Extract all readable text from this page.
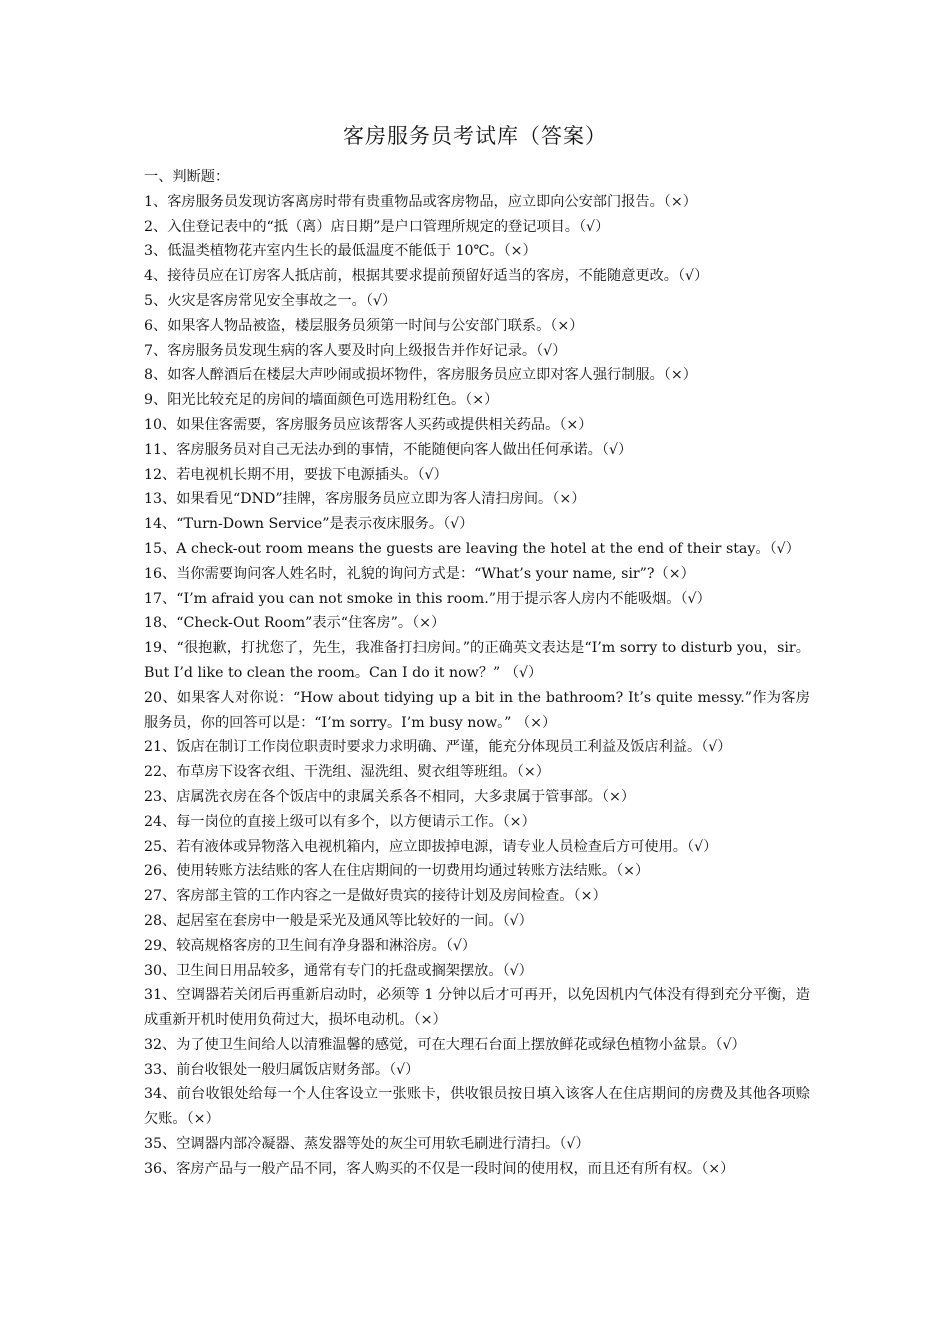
客房服务员考试库（答案）

一、判断题：

1、客房服务员发现访客离房时带有贵重物品或客房物品，应立即向公安部门报告。（×）

2、入住登记表中的“抵（离）店日期”是户口管理所规定的登记项目。（√）

3、低温类植物花卉室内生长的最低温度不能低于 10℃。（×）

4、接待员应在订房客人抵店前，根据其要求提前预留好适当的客房，不能随意更改。（√）

5、火灾是客房常见安全事故之一。（√）

6、如果客人物品被盗，楼层服务员须第一时间与公安部门联系。（×）

7、客房服务员发现生病的客人要及时向上级报告并作好记录。（√）

8、如客人醉酒后在楼层大声吵闹或损坏物件，客房服务员应立即对客人强行制服。（×）

9、阳光比较充足的房间的墙面颜色可选用粉红色。（×）

10、如果住客需要，客房服务员应该帮客人买药或提供相关药品。（×）

11、客房服务员对自己无法办到的事情，不能随便向客人做出任何承诺。（√）

12、若电视机长期不用，要拔下电源插头。（√）

13、如果看见“DND”挂牌，客房服务员应立即为客人清扫房间。（×）

14、“Turn-Down Service”是表示夜床服务。（√）

15、A check-out room means the guests are leaving the hotel at the end of their stay。（√）

16、当你需要询问客人姓名时，礼貌的询问方式是：“What’s your name, sir”?（×）

17、“I’m afraid you can not smoke in this room.”用于提示客人房内不能吸烟。（√）

18、“Check-Out Room”表示“住客房”。（×）

19、“很抱歉，打扰您了，先生，我准备打扫房间。”的正确英文表达是“I’m sorry to disturb you，sir。But I’d like to clean the room。Can I do it now？” （√）

20、如果客人对你说：“How about tidying up a bit in the bathroom? It’s quite messy.”作为客房服务员，你的回答可以是：“I’m sorry。I’m busy now。” （×）

21、饭店在制订工作岗位职责时要求力求明确、严谨，能充分体现员工利益及饭店利益。（√）

22、布草房下设客衣组、干洗组、湿洗组、熨衣组等班组。（×）

23、店属洗衣房在各个饭店中的隶属关系各不相同，大多隶属于管事部。（×）

24、每一岗位的直接上级可以有多个，以方便请示工作。（×）

25、若有液体或异物落入电视机箱内，应立即拔掉电源，请专业人员检查后方可使用。（√）

26、使用转账方法结账的客人在住店期间的一切费用均通过转账方法结账。（×）

27、客房部主管的工作内容之一是做好贵宾的接待计划及房间检查。（×）

28、起居室在套房中一般是采光及通风等比较好的一间。（√）

29、较高规格客房的卫生间有净身器和淋浴房。（√）

30、卫生间日用品较多，通常有专门的托盘或搁架摆放。（√）

31、空调器若关闭后再重新启动时，必须等 1 分钟以后才可再开，以免因机内气体没有得到充分平衡，造成重新开机时使用负荷过大，损坏电动机。（×）

32、为了使卫生间给人以清雅温馨的感觉，可在大理石台面上摆放鲜花或绿色植物小盆景。（√）

33、前台收银处一般归属饭店财务部。（√）

34、前台收银处给每一个人住客设立一张账卡，供收银员按日填入该客人在住店期间的房费及其他各项赊欠账。（×）

35、空调器内部冷凝器、蒸发器等处的灰尘可用软毛刷进行清扫。（√）

36、客房产品与一般产品不同，客人购买的不仅是一段时间的使用权，而且还有所有权。（×）
